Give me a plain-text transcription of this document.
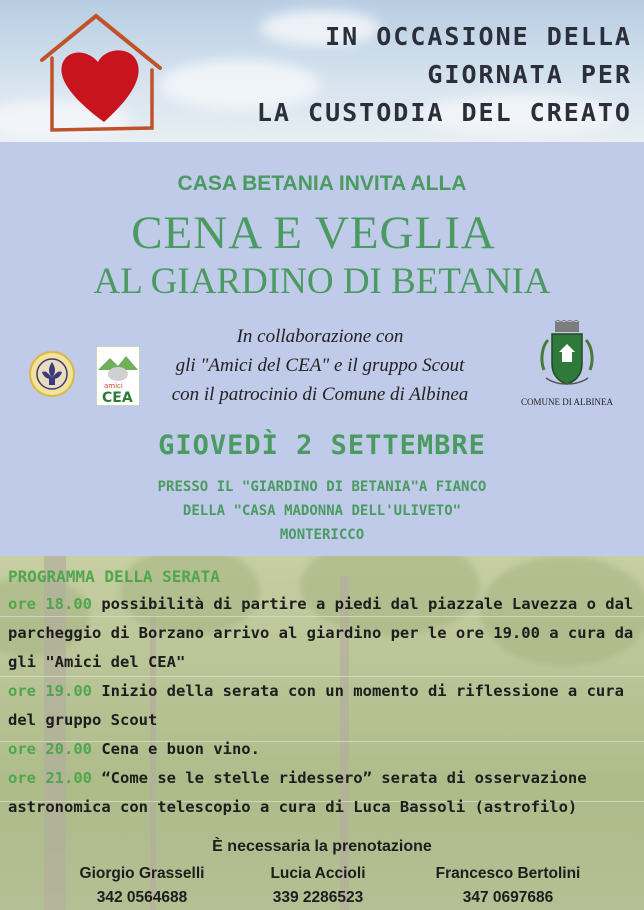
IN OCCASIONE DELLA
GIORNATA PER
LA CUSTODIA DEL CREATO
CASA BETANIA INVITA ALLA
CENA E VEGLIA
AL GIARDINO DI BETANIA
amici
CEA
In collaborazione con
gli "Amici del CEA" e il gruppo Scout
con il patrocinio di Comune di Albinea	COMUNE DI ALBINEA
GIOVEDÌ 2 SETTEMBRE
PRESSO IL "GIARDINO DI BETANIA"A FIANCO
DELLA "CASA MADONNA DELL'ULIVETO"
MONTERICCO
PROGRAMMA DELLA SERATA

ore 18.00 possibilità di partire a piedi dal piazzale Lavezza o dal parcheggio di Borzano arrivo al giardino per le ore 19.00 a cura da gli "Amici del CEA"

ore 19.00 Inizio della serata con un momento di riflessione a cura del gruppo Scout

ore 20.00 Cena e buon vino.

ore 21.00 “Come se le stelle ridessero” serata di osservazione astronomica con telescopio a cura di Luca Bassoli (astrofilo)

È necessaria la prenotazione
Giorgio Grasselli
342 0564688
Lucia Accioli
339 2286523
Francesco Bertolini
347 0697686
